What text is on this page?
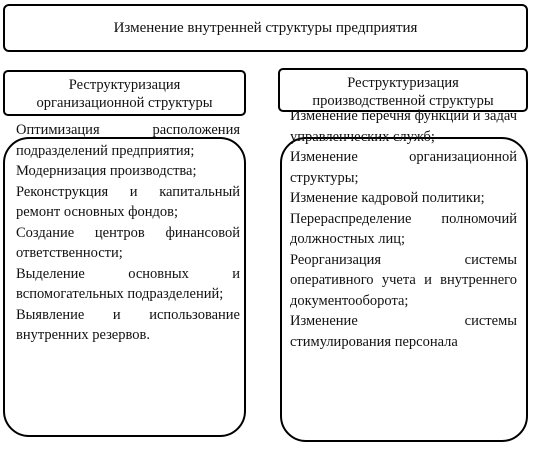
Изменение внутренней структуры предприятия
Реструктуризация
организационной структуры
Реструктуризация
производственной структуры
Оптимизация расположения подразделений предприятия;
Модернизация производства;
Реконструкция и капитальный ремонт основных фондов;
Создание центров финансовой ответственности;
Выделение основных и вспомогательных подразделений;
Выявление и использование внутренних резервов.
Изменение перечня функций и задач управленческих служб;
Изменение организационной структуры;
Изменение кадровой политики;
Перераспределение полномочий должностных лиц;
Реорганизация системы оперативного учета и внутреннего документооборота;
Изменение системы стимулирования персонала
